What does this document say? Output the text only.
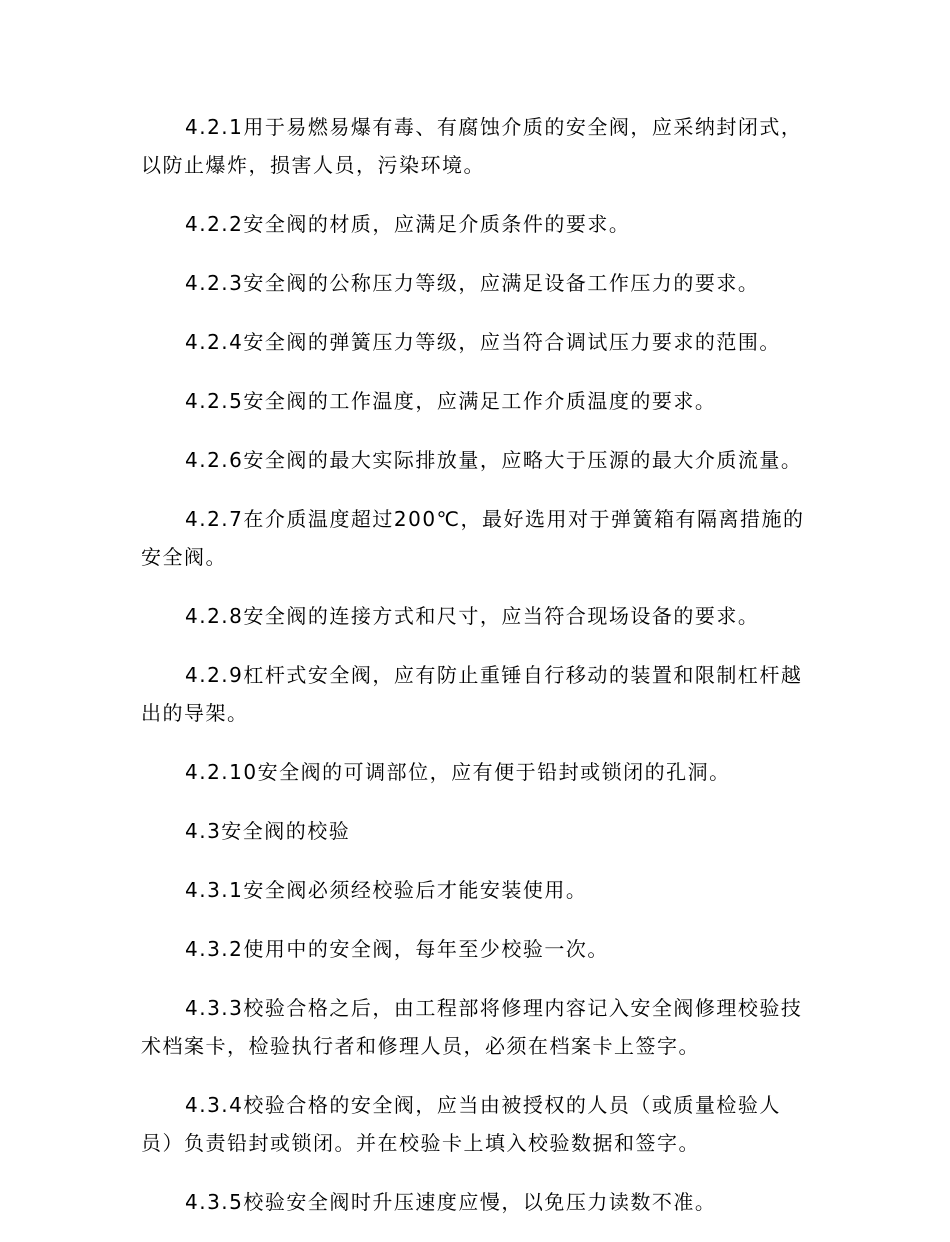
4.2.1用于易燃易爆有毒、有腐蚀介质的安全阀，应采纳封闭式，以防止爆炸，损害人员，污染环境。

4.2.2安全阀的材质，应满足介质条件的要求。

4.2.3安全阀的公称压力等级，应满足设备工作压力的要求。

4.2.4安全阀的弹簧压力等级，应当符合调试压力要求的范围。

4.2.5安全阀的工作温度，应满足工作介质温度的要求。

4.2.6安全阀的最大实际排放量，应略大于压源的最大介质流量。

4.2.7在介质温度超过200℃，最好选用对于弹簧箱有隔离措施的安全阀。

4.2.8安全阀的连接方式和尺寸，应当符合现场设备的要求。

4.2.9杠杆式安全阀，应有防止重锤自行移动的装置和限制杠杆越出的导架。

4.2.10安全阀的可调部位，应有便于铅封或锁闭的孔洞。

4.3安全阀的校验

4.3.1安全阀必须经校验后才能安装使用。

4.3.2使用中的安全阀，每年至少校验一次。

4.3.3校验合格之后，由工程部将修理内容记入安全阀修理校验技术档案卡，检验执行者和修理人员，必须在档案卡上签字。

4.3.4校验合格的安全阀，应当由被授权的人员（或质量检验人员）负责铅封或锁闭。并在校验卡上填入校验数据和签字。

4.3.5校验安全阀时升压速度应慢，以免压力读数不准。
